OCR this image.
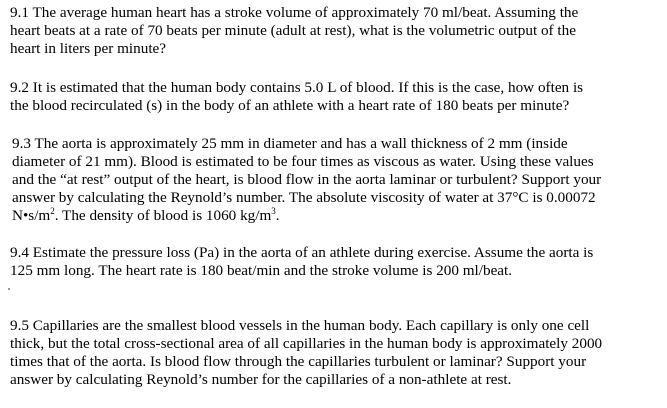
9.1 The average human heart has a stroke volume of approximately 70 ml/beat. Assuming the
heart beats at a rate of 70 beats per minute (adult at rest), what is the volumetric output of the
heart in liters per minute?

9.2 It is estimated that the human body contains 5.0 L of blood. If this is the case, how often is
the blood recirculated (s) in the body of an athlete with a heart rate of 180 beats per minute?

9.3 The aorta is approximately 25 mm in diameter and has a wall thickness of 2 mm (inside
diameter of 21 mm). Blood is estimated to be four times as viscous as water. Using these values
and the “at rest” output of the heart, is blood flow in the aorta laminar or turbulent? Support your
answer by calculating the Reynold’s number. The absolute viscosity of water at 37°C is 0.00072
$N•s/m^2$. The density of blood is 1060 $kg/m^3$.

9.4 Estimate the pressure loss (Pa) in the aorta of an athlete during exercise. Assume the aorta is
125 mm long. The heart rate is 180 beat/min and the stroke volume is 200 ml/beat.

9.5 Capillaries are the smallest blood vessels in the human body. Each capillary is only one cell
thick, but the total cross-sectional area of all capillaries in the human body is approximately 2000
times that of the aorta. Is blood flow through the capillaries turbulent or laminar? Support your
answer by calculating Reynold’s number for the capillaries of a non-athlete at rest.
